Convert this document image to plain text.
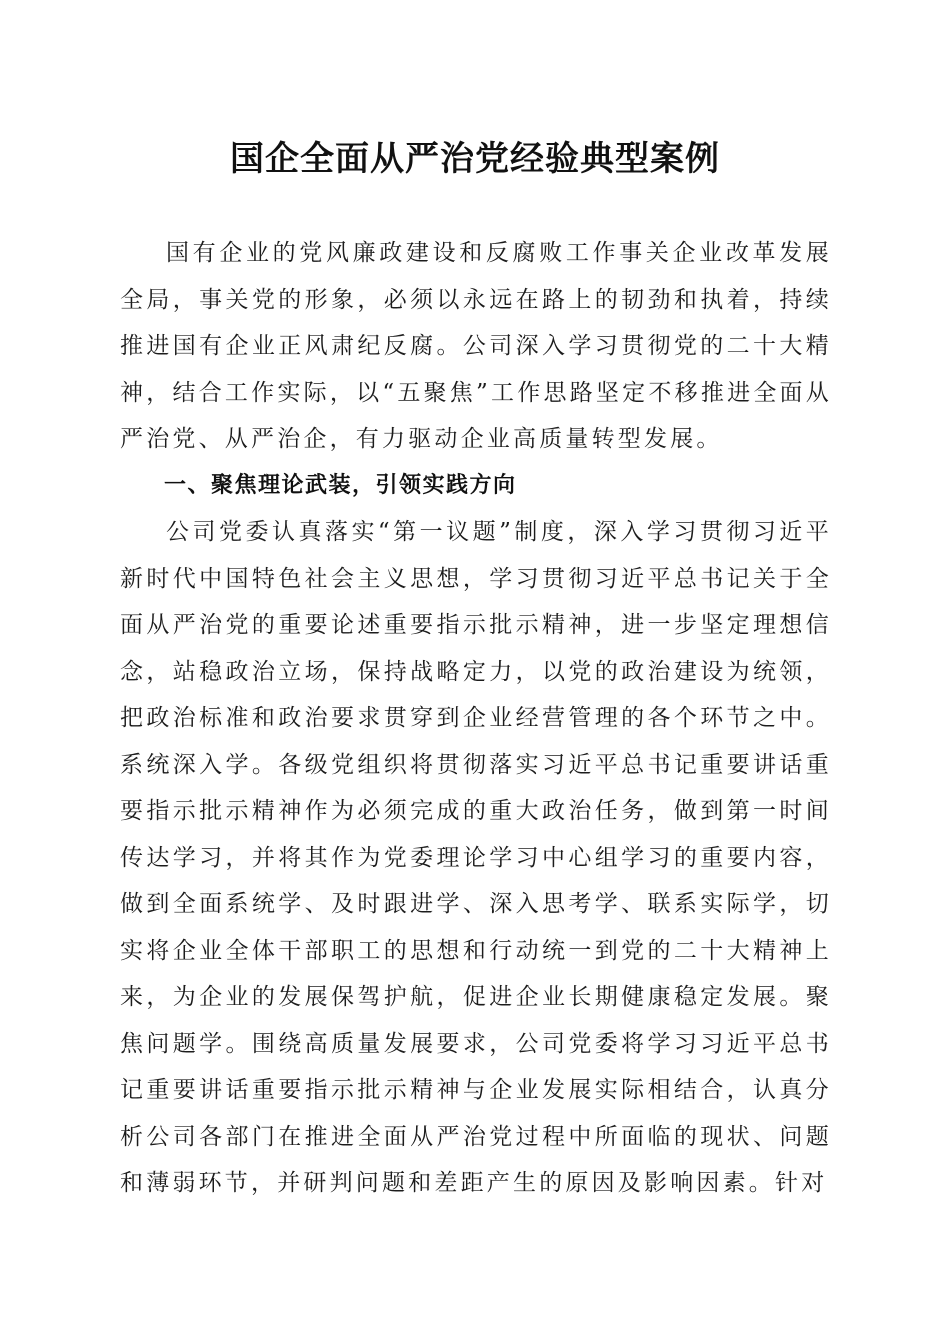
国企全面从严治党经验典型案例

国有企业的党风廉政建设和反腐败工作事关企业改革发展全局，事关党的形象，必须以永远在路上的韧劲和执着，持续推进国有企业正风肃纪反腐。公司深入学习贯彻党的二十大精神，结合工作实际，以“五聚焦”工作思路坚定不移推进全面从严治党、从严治企，有力驱动企业高质量转型发展。

一、聚焦理论武装，引领实践方向

公司党委认真落实“第一议题”制度，深入学习贯彻习近平新时代中国特色社会主义思想，学习贯彻习近平总书记关于全面从严治党的重要论述重要指示批示精神，进一步坚定理想信念，站稳政治立场，保持战略定力，以党的政治建设为统领，把政治标准和政治要求贯穿到企业经营管理的各个环节之中。系统深入学。各级党组织将贯彻落实习近平总书记重要讲话重要指示批示精神作为必须完成的重大政治任务，做到第一时间传达学习，并将其作为党委理论学习中心组学习的重要内容，做到全面系统学、及时跟进学、深入思考学、联系实际学，切实将企业全体干部职工的思想和行动统一到党的二十大精神上来，为企业的发展保驾护航，促进企业长期健康稳定发展。聚焦问题学。围绕高质量发展要求，公司党委将学习习近平总书记重要讲话重要指示批示精神与企业发展实际相结合，认真分析公司各部门在推进全面从严治党过程中所面临的现状、问题和薄弱环节，并研判问题和差距产生的原因及影响因素。针对
